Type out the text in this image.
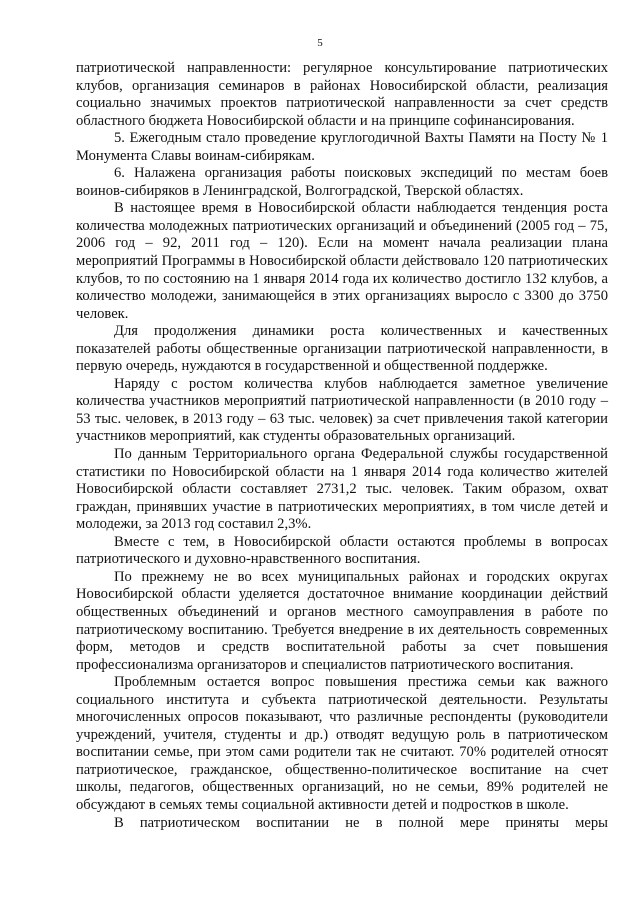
5

патриотической направленности: регулярное консультирование патриотических клубов, организация семинаров в районах Новосибирской области, реализация социально значимых проектов патриотической направленности за счет средств областного бюджета Новосибирской области и на принципе софинансирования.

5. Ежегодным стало проведение круглогодичной Вахты Памяти на Посту № 1 Монумента Славы воинам-сибирякам.

6. Налажена организация работы поисковых экспедиций по местам боев воинов-сибиряков в Ленинградской, Волгоградской, Тверской областях.

В настоящее время в Новосибирской области наблюдается тенденция роста количества молодежных патриотических организаций и объединений (2005 год – 75, 2006 год – 92, 2011 год – 120). Если на момент начала реализации плана мероприятий Программы в Новосибирской области действовало 120 патриотических клубов, то по состоянию на 1 января 2014 года их количество достигло 132 клубов, а количество молодежи, занимающейся в этих организациях выросло с 3300 до 3750 человек.

Для продолжения динамики роста количественных и качественных показателей работы общественные организации патриотической направленности, в первую очередь, нуждаются в государственной и общественной поддержке.

Наряду с ростом количества клубов наблюдается заметное увеличение количества участников мероприятий патриотической направленности (в 2010 году – 53 тыс. человек, в 2013 году – 63 тыс. человек) за счет привлечения такой категории участников мероприятий, как студенты образовательных организаций.

По данным Территориального органа Федеральной службы государственной статистики по Новосибирской области на 1 января 2014 года количество жителей Новосибирской области составляет 2731,2 тыс. человек. Таким образом, охват граждан, принявших участие в патриотических мероприятиях, в том числе детей и молодежи, за 2013 год составил 2,3%.

Вместе с тем, в Новосибирской области остаются проблемы в вопросах патриотического и духовно-нравственного воспитания.

По прежнему не во всех муниципальных районах и городских округах Новосибирской области уделяется достаточное внимание координации действий общественных объединений и органов местного самоуправления в работе по патриотическому воспитанию. Требуется внедрение в их деятельность современных форм, методов и средств воспитательной работы за счет повышения профессионализма организаторов и специалистов патриотического воспитания.

Проблемным остается вопрос повышения престижа семьи как важного социального института и субъекта патриотической деятельности. Результаты многочисленных опросов показывают, что различные респонденты (руководители учреждений, учителя, студенты и др.) отводят ведущую роль в патриотическом воспитании семье, при этом сами родители так не считают. 70% родителей относят патриотическое, гражданское, общественно-политическое воспитание на счет школы, педагогов, общественных организаций, но не семьи, 89% родителей не обсуждают в семьях темы социальной активности детей и подростков в школе.

В патриотическом воспитании не в полной мере приняты меры
